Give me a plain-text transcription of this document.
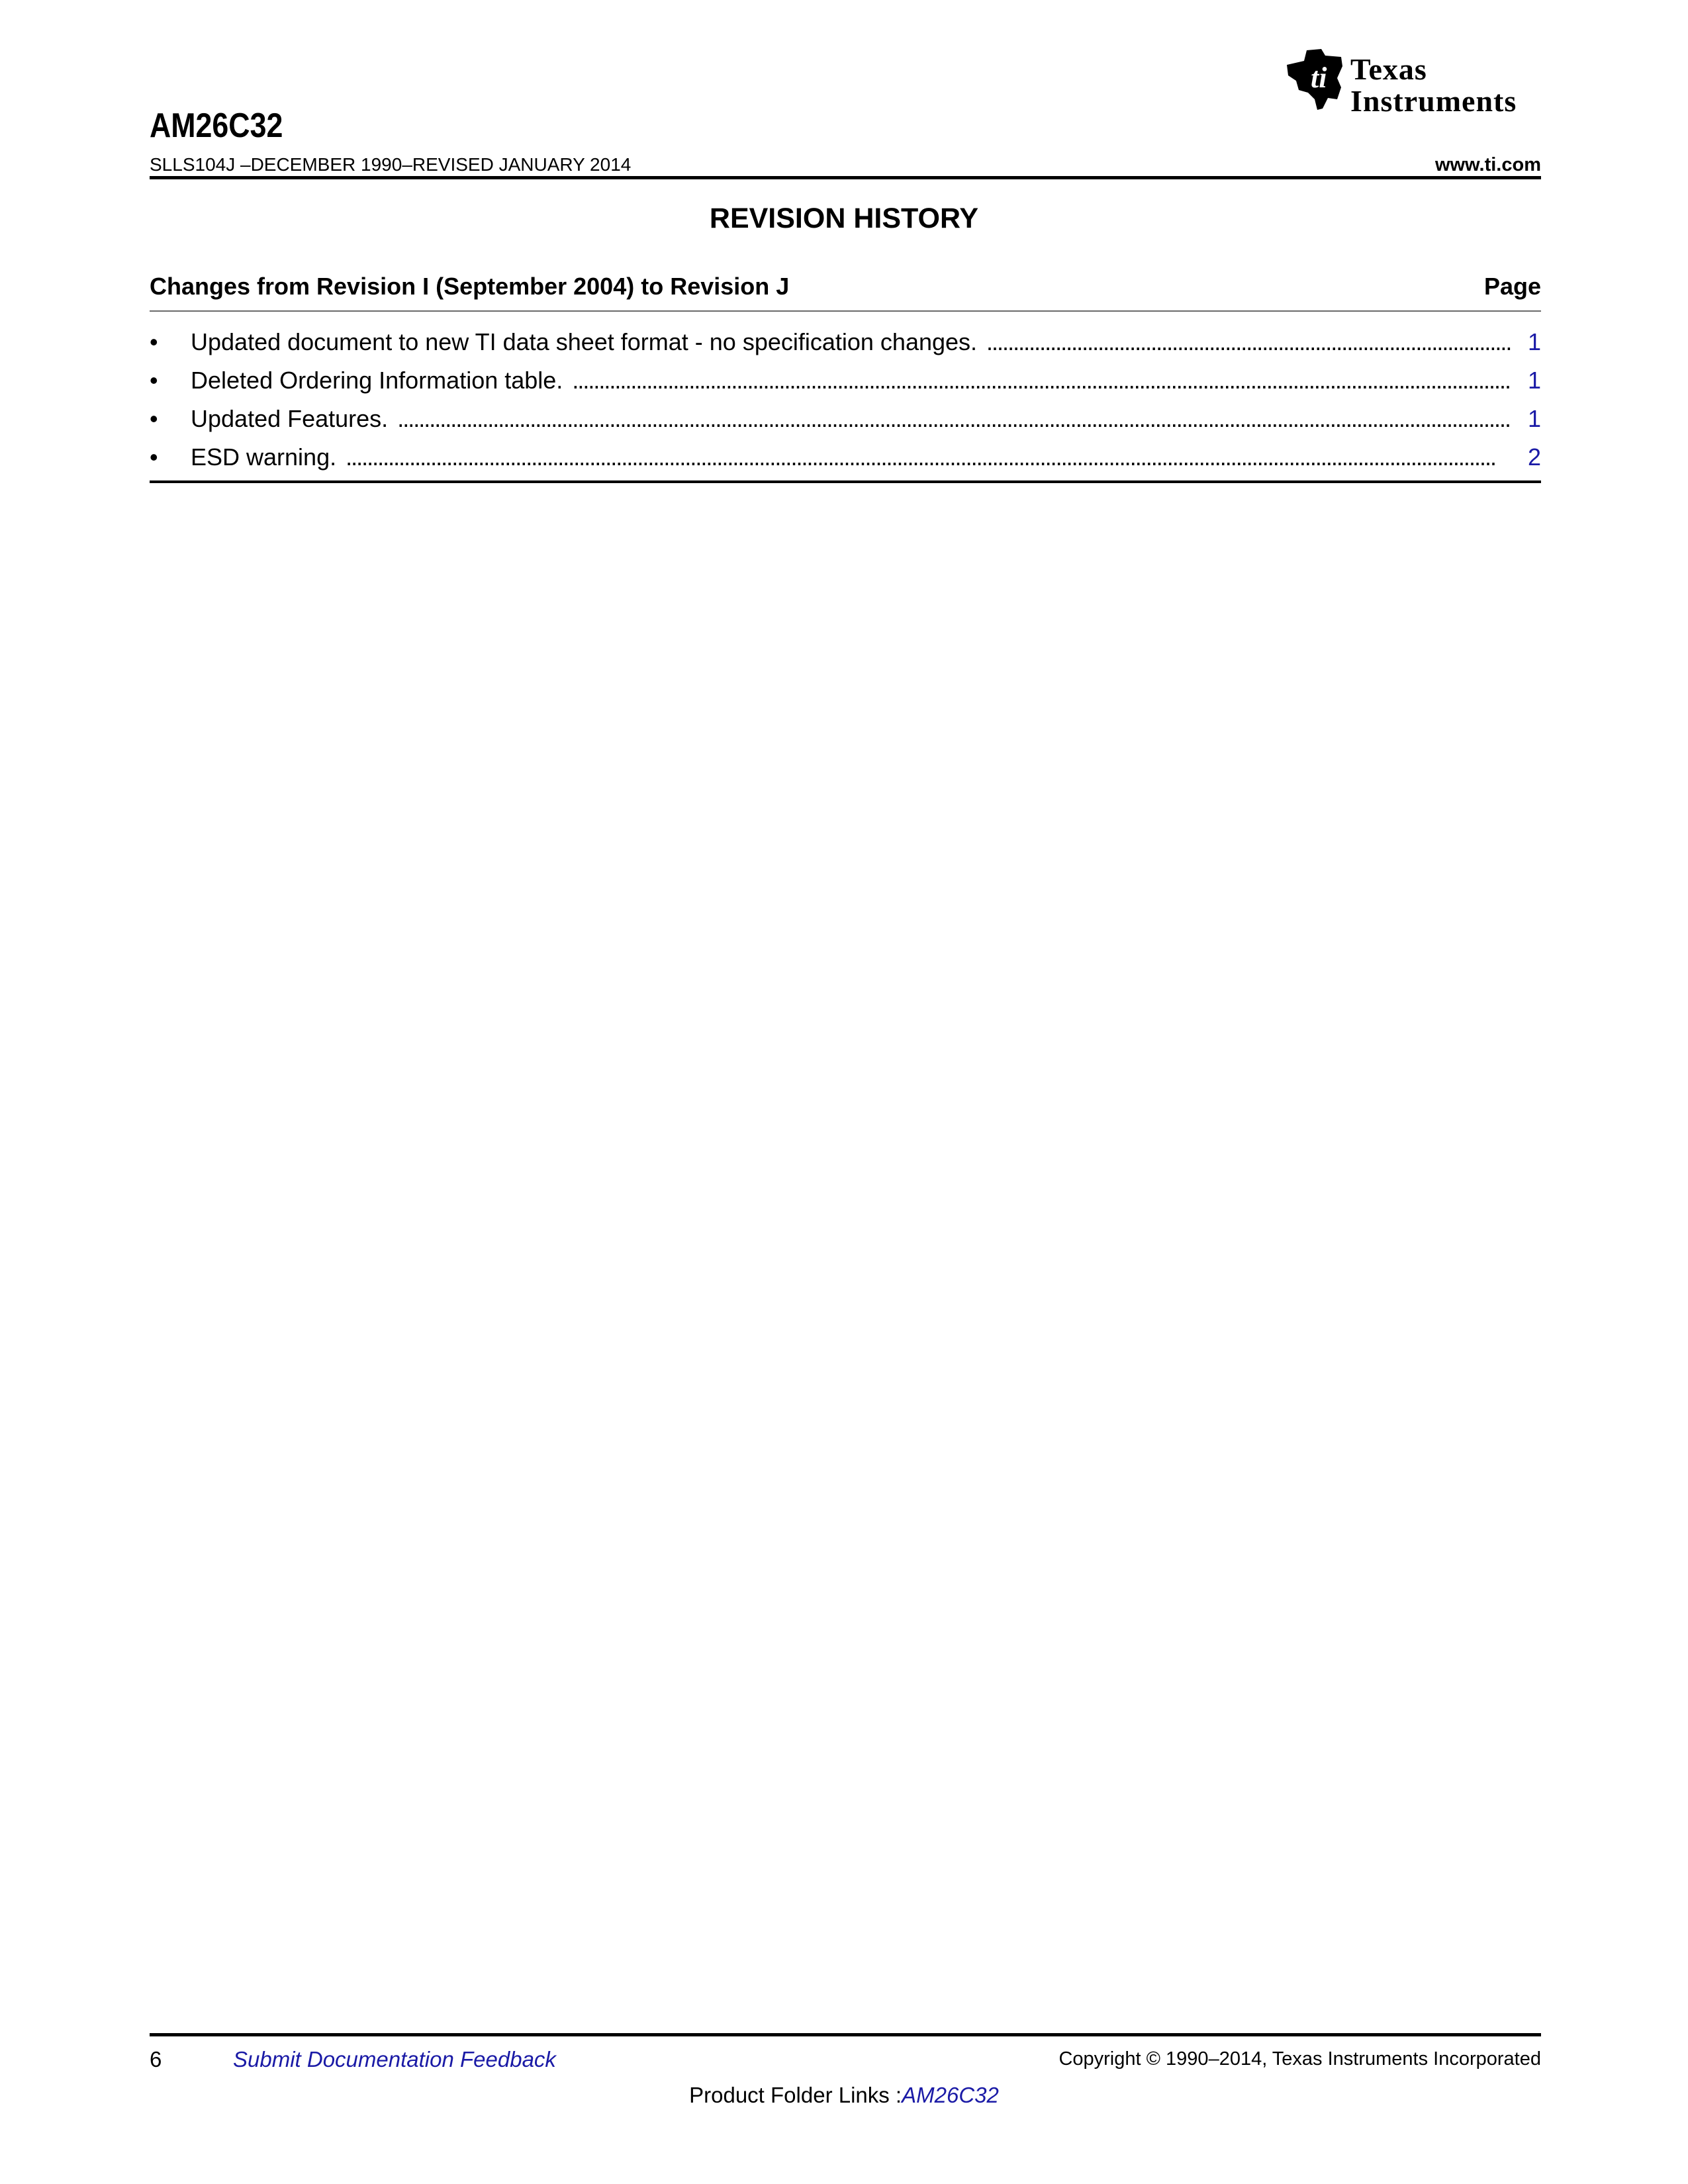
ti Texas
Instruments
AM26C32
SLLS104J –DECEMBER 1990–REVISED JANUARY 2014	www.ti.com
REVISION HISTORY
Changes from Revision I (September 2004) to Revision J	Page
•	Updated document to new TI data sheet format - no specification changes. . . .	1
•	Deleted Ordering Information table. . . .	1
•	Updated Features. . . .	1
•	ESD warning. . . .	2
6	Submit Documentation Feedback	Copyright © 1990–2014, Texas Instruments Incorporated
Product Folder Links :AM26C32
